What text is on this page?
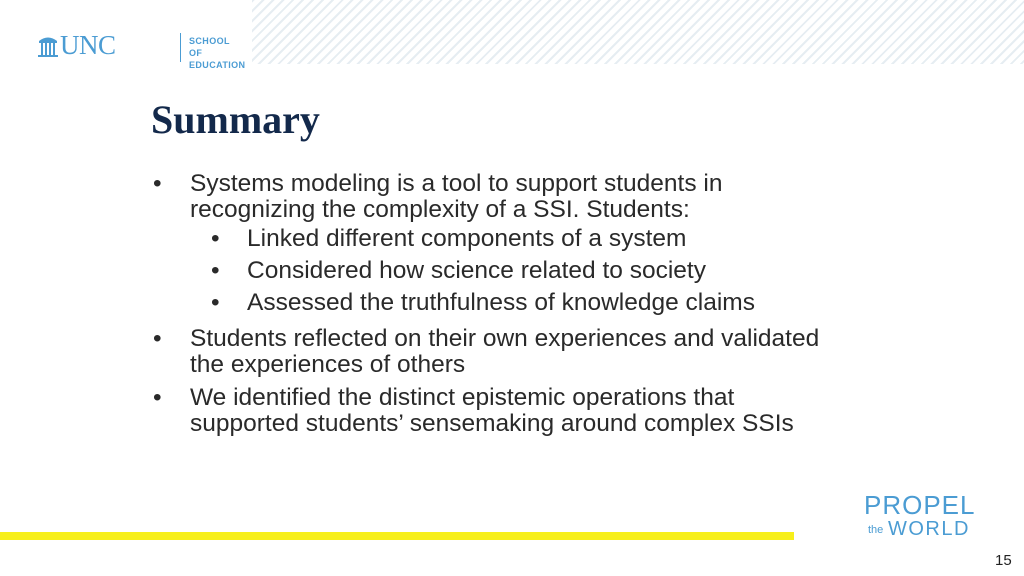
UNC	SCHOOL OF
EDUCATION
Summary
• Systems modeling is a tool to support students in recognizing the complexity of a SSI. Students:
• Linked different components of a system
• Considered how science related to society
• Assessed the truthfulness of knowledge claims
• Students reflected on their own experiences and validated the experiences of others
• We identified the distinct epistemic operations that supported students’ sensemaking around complex SSIs
PROPEL
the WORLD
15
